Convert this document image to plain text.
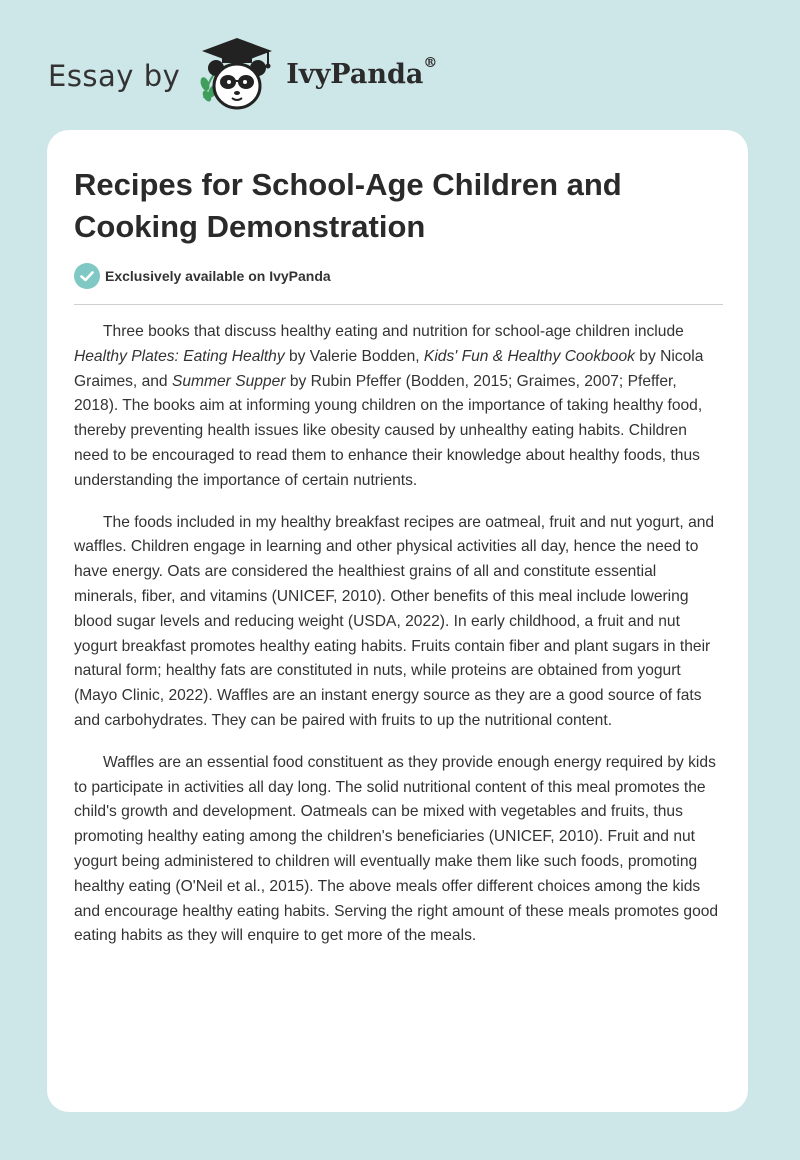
Essay by	IvyPanda®
Recipes for School-Age Children and Cooking Demonstration
Exclusively available on IvyPanda

Three books that discuss healthy eating and nutrition for school-age children include Healthy Plates: Eating Healthy by Valerie Bodden, Kids' Fun & Healthy Cookbook by Nicola Graimes, and Summer Supper by Rubin Pfeffer (Bodden, 2015; Graimes, 2007; Pfeffer, 2018). The books aim at informing young children on the importance of taking healthy food, thereby preventing health issues like obesity caused by unhealthy eating habits. Children need to be encouraged to read them to enhance their knowledge about healthy foods, thus understanding the importance of certain nutrients.

The foods included in my healthy breakfast recipes are oatmeal, fruit and nut yogurt, and waffles. Children engage in learning and other physical activities all day, hence the need to have energy. Oats are considered the healthiest grains of all and constitute essential minerals, fiber, and vitamins (UNICEF, 2010). Other benefits of this meal include lowering blood sugar levels and reducing weight (USDA, 2022). In early childhood, a fruit and nut yogurt breakfast promotes healthy eating habits. Fruits contain fiber and plant sugars in their natural form; healthy fats are constituted in nuts, while proteins are obtained from yogurt (Mayo Clinic, 2022). Waffles are an instant energy source as they are a good source of fats and carbohydrates. They can be paired with fruits to up the nutritional content.

Waffles are an essential food constituent as they provide enough energy required by kids to participate in activities all day long. The solid nutritional content of this meal promotes the child's growth and development. Oatmeals can be mixed with vegetables and fruits, thus promoting healthy eating among the children's beneficiaries (UNICEF, 2010). Fruit and nut yogurt being administered to children will eventually make them like such foods, promoting healthy eating (O'Neil et al., 2015). The above meals offer different choices among the kids and encourage healthy eating habits. Serving the right amount of these meals promotes good eating habits as they will enquire to get more of the meals.
